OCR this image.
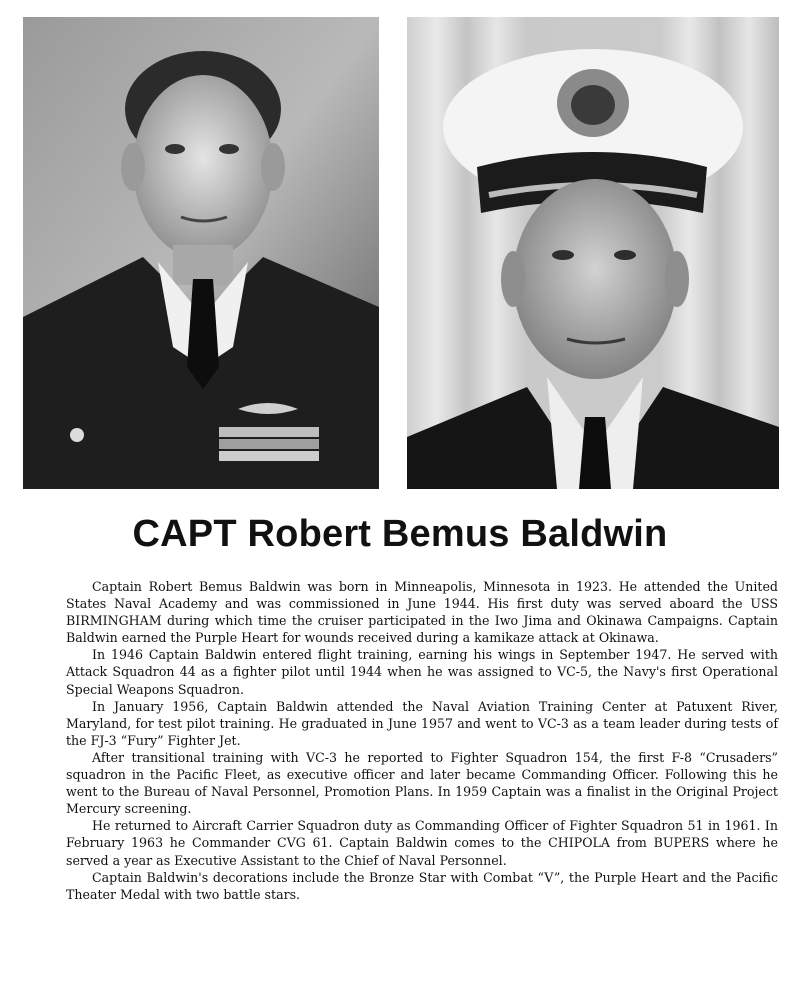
CAPT Robert Bemus Baldwin

Captain Robert Bemus Baldwin was born in Minneapolis, Minnesota in 1923. He attended the United States Naval Academy and was commissioned in June 1944. His first duty was served aboard the USS BIRMINGHAM during which time the cruiser participated in the Iwo Jima and Okinawa Campaigns. Captain Baldwin earned the Purple Heart for wounds received during a kamikaze attack at Okinawa.

In 1946 Captain Baldwin entered flight training, earning his wings in September 1947. He served with Attack Squadron 44 as a fighter pilot until 1944 when he was assigned to VC-5, the Navy's first Operational Special Weapons Squadron.

In January 1956, Captain Baldwin attended the Naval Aviation Training Center at Patuxent River, Maryland, for test pilot training. He graduated in June 1957 and went to VC-3 as a team leader during tests of the FJ-3 “Fury” Fighter Jet.

After transitional training with VC-3 he reported to Fighter Squadron 154, the first F-8 “Crusaders” squadron in the Pacific Fleet, as executive officer and later became Commanding Officer. Following this he went to the Bureau of Naval Personnel, Promotion Plans. In 1959 Captain was a finalist in the Original Project Mercury screening.

He returned to Aircraft Carrier Squadron duty as Commanding Officer of Fighter Squadron 51 in 1961. In February 1963 he Commander CVG 61. Captain Baldwin comes to the CHIPOLA from BUPERS where he served a year as Executive Assistant to the Chief of Naval Personnel.

Captain Baldwin's decorations include the Bronze Star with Combat “V”, the Purple Heart and the Pacific Theater Medal with two battle stars.
